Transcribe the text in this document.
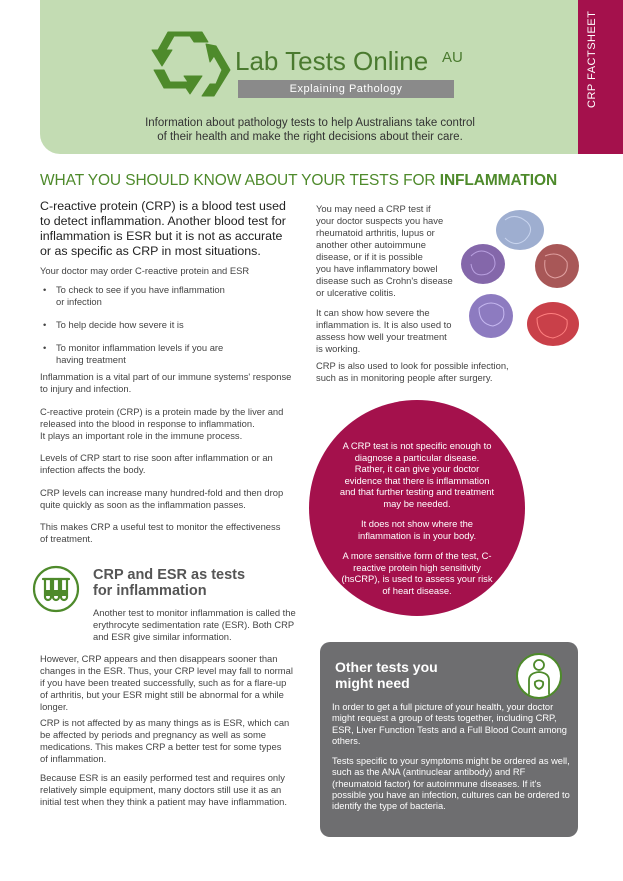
CRP FACTSHEET
Lab Tests Online AU
Explaining Pathology
Information about pathology tests to help Australians take control
of their health and make the right decisions about their care.
WHAT YOU SHOULD KNOW ABOUT YOUR TESTS FOR INFLAMMATION
C-reactive protein (CRP) is a blood test used to detect inflammation. Another blood test for inflammation is ESR but it is not as accurate or as specific as CRP in most situations.
Your doctor may order C-reactive protein and ESR
• To check to see if you have inflammation
or infection
• To help decide how severe it is
• To monitor inflammation levels if you are
having treatment
Inflammation is a vital part of our immune systems' response
to injury and infection.
C-reactive protein (CRP) is a protein made by the liver and
released into the blood in response to inflammation.
It plays an important role in the immune process.
Levels of CRP start to rise soon after inflammation or an
infection affects the body.
CRP levels can increase many hundred-fold and then drop
quite quickly as soon as the inflammation passes.
This makes CRP a useful test to monitor the effectiveness
of treatment.
You may need a CRP test if
your doctor suspects you have
rheumatoid arthritis, lupus or
another other autoimmune
disease, or if it is possible
you have inflammatory bowel
disease such as Crohn's disease
or ulcerative colitis.
It can show how severe the
inflammation is. It is also used to
assess how well your treatment
is working.
CRP is also used to look for possible infection,
such as in monitoring people after surgery.

A CRP test is not specific enough to diagnose a particular disease. Rather, it can give your doctor evidence that there is inflammation and that further testing and treatment may be needed.

It does not show where the inflammation is in your body.

A more sensitive form of the test, C-reactive protein high sensitivity (hsCRP), is used to assess your risk of heart disease.

CRP and ESR as tests
for inflammation
Another test to monitor inflammation is called the
erythrocyte sedimentation rate (ESR). Both CRP
and ESR give similar information.
However, CRP appears and then disappears sooner than
changes in the ESR. Thus, your CRP level may fall to normal
if you have been treated successfully, such as for a flare-up
of arthritis, but your ESR might still be abnormal for a while
longer.
CRP is not affected by as many things as is ESR, which can
be affected by periods and pregnancy as well as some
medications. This makes CRP a better test for some types
of inflammation.
Because ESR is an easily performed test and requires only
relatively simple equipment, many doctors still use it as an
initial test when they think a patient may have inflammation.
Other tests you
might need

In order to get a full picture of your health, your doctor might request a group of tests together, including CRP, ESR, Liver Function Tests and a Full Blood Count among others.

Tests specific to your symptoms might be ordered as well, such as the ANA (antinuclear antibody) and RF (rheumatoid factor) for autoimmune diseases. If it's possible you have an infection, cultures can be ordered to identify the type of bacteria.
